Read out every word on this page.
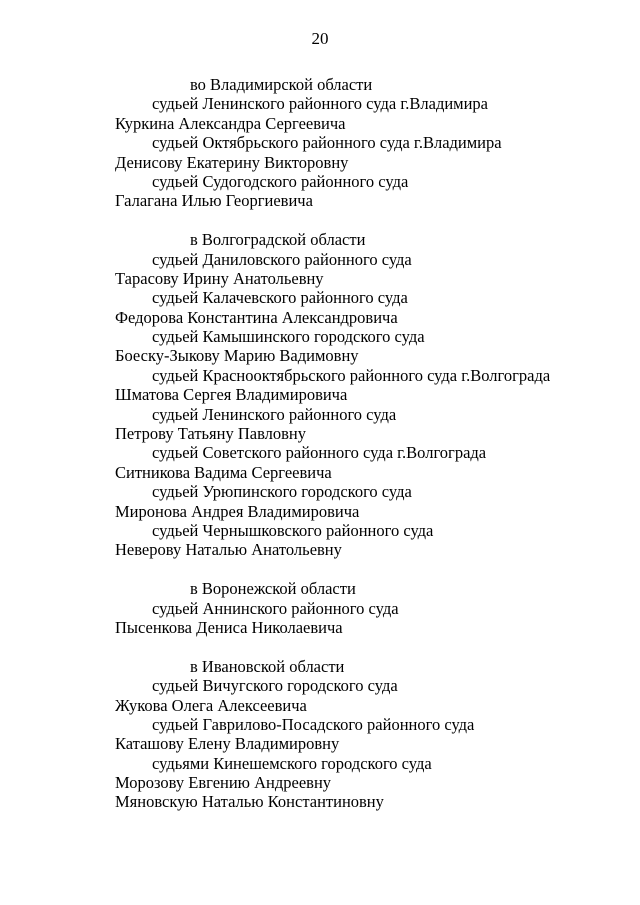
20
во Владимирской области
судьей Ленинского районного суда г.Владимира
Куркина Александра Сергеевича
судьей Октябрьского районного суда г.Владимира
Денисову Екатерину Викторовну
судьей Судогодского районного суда
Галагана Илью Георгиевича
в Волгоградской области
судьей Даниловского районного суда
Тарасову Ирину Анатольевну
судьей Калачевского районного суда
Федорова Константина Александровича
судьей Камышинского городского суда
Боеску-Зыкову Марию Вадимовну
судьей Краснооктябрьского районного суда г.Волгограда
Шматова Сергея Владимировича
судьей Ленинского районного суда
Петрову Татьяну Павловну
судьей Советского районного суда г.Волгограда
Ситникова Вадима Сергеевича
судьей Урюпинского городского суда
Миронова Андрея Владимировича
судьей Чернышковского районного суда
Неверову Наталью Анатольевну
в Воронежской области
судьей Аннинского районного суда
Пысенкова Дениса Николаевича
в Ивановской области
судьей Вичугского городского суда
Жукова Олега Алексеевича
судьей Гаврилово-Посадского районного суда
Каташову Елену Владимировну
судьями Кинешемского городского суда
Морозову Евгению Андреевну
Мяновскую Наталью Константиновну
